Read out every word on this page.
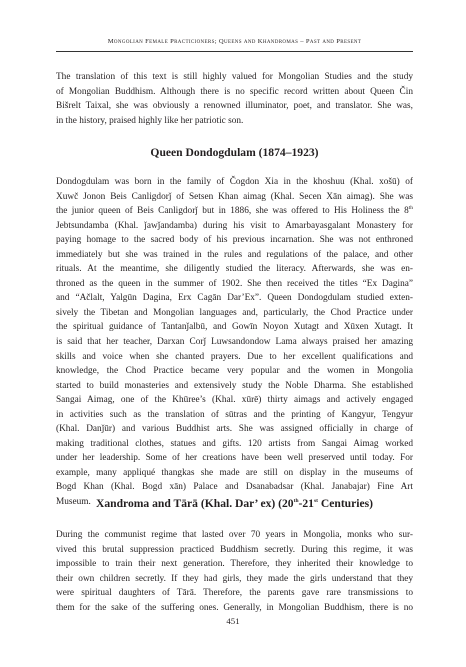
Mongolian Female Practicioners; Queens and Khandromas – Past and Present

The translation of this text is still highly valued for Mongolian Studies and the study
of Mongolian Buddhism. Although there is no specific record written about Queen Čin
Bišrelt Taixal, she was obviously a renowned illuminator, poet, and translator. She was,
in the history, praised highly like her patriotic son.

Queen Dondogdulam (1874–1923)

Dondogdulam was born in the family of Čogdon Xia in the khoshuu (Khal. xošū) of
Xuwč Jonon Beis Canligdorǰ of Setsen Khan aimag (Khal. Secen Xān aimag). She was
the junior queen of Beis Canligdorǰ but in 1886, she was offered to His Holiness the 8th
Jebtsundamba (Khal. ǰawǰandamba) during his visit to Amarbayasgalant Monastery for
paying homage to the sacred body of his previous incarnation. She was not enthroned
immediately but she was trained in the rules and regulations of the palace, and other
rituals. At the meantime, she diligently studied the literacy. Afterwards, she was en-
throned as the queen in the summer of 1902. She then received the titles “Ex Dagina”
and “Ačlalt, Yalgūn Dagina, Erx Cagān Dar’Ex”. Queen Dondogdulam studied exten-
sively the Tibetan and Mongolian languages and, particularly, the Chod Practice under
the spiritual guidance of Tantanǰalbū, and Gowīn Noyon Xutagt and Xūxen Xutagt. It
is said that her teacher, Darxan Corǰ Luwsandondow Lama always praised her amazing
skills and voice when she chanted prayers. Due to her excellent qualifications and
knowledge, the Chod Practice became very popular and the women in Mongolia
started to build monasteries and extensively study the Noble Dharma. She established
Sangai Aimag, one of the Khūree’s (Khal. xūrē) thirty aimags and actively engaged
in activities such as the translation of sūtras and the printing of Kangyur, Tengyur
(Khal. Danǰūr) and various Buddhist arts. She was assigned officially in charge of
making traditional clothes, statues and gifts. 120 artists from Sangai Aimag worked
under her leadership. Some of her creations have been well preserved until today. For
example, many appliqué thangkas she made are still on display in the museums of
Bogd Khan (Khal. Bogd xān) Palace and Dsanabadsar (Khal. Janabajar) Fine Art
Museum. Xandroma and Tārā (Khal. Dar’ ex) (20th-21st Centuries)

During the communist regime that lasted over 70 years in Mongolia, monks who sur-
vived this brutal suppression practiced Buddhism secretly. During this regime, it was
impossible to train their next generation. Therefore, they inherited their knowledge to
their own children secretly. If they had girls, they made the girls understand that they
were spiritual daughters of Tārā. Therefore, the parents gave rare transmissions to
them for the sake of the suffering ones. Generally, in Mongolian Buddhism, there is no

451
